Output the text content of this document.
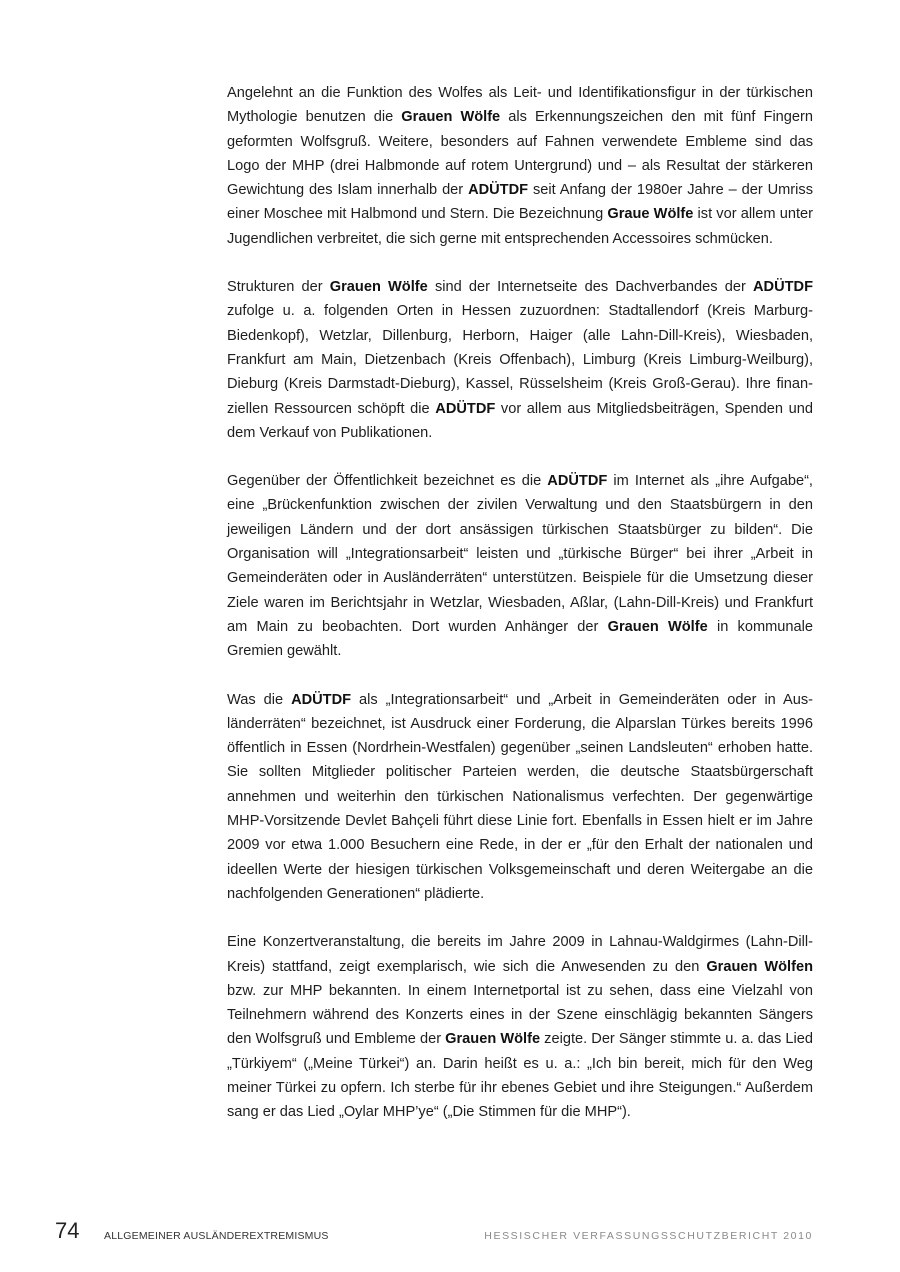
Angelehnt an die Funktion des Wolfes als Leit- und Identifikationsfigur in der türkischen Mythologie benutzen die Grauen Wölfe als Erkennungszeichen den mit fünf Fingern geformten Wolfsgruß. Weitere, besonders auf Fahnen verwendete Embleme sind das Logo der MHP (drei Halbmonde auf rotem Untergrund) und – als Resultat der stärkeren Gewichtung des Islam innerhalb der ADÜTDF seit Anfang der 1980er Jahre – der Umriss einer Moschee mit Halbmond und Stern. Die Bezeichnung Graue Wölfe ist vor allem unter Jugendlichen verbreitet, die sich gerne mit entsprechenden Accessoires schmücken.

Strukturen der Grauen Wölfe sind der Internetseite des Dachverbandes der ADÜTDF zufolge u. a. folgenden Orten in Hessen zuzuordnen: Stadtallendorf (Kreis Marburg-Biedenkopf), Wetzlar, Dillenburg, Herborn, Haiger (alle Lahn-Dill-Kreis), Wiesbaden, Frankfurt am Main, Dietzenbach (Kreis Offenbach), Limburg (Kreis Limburg-Weilburg), Dieburg (Kreis Darmstadt-Dieburg), Kassel, Rüsselsheim (Kreis Groß-Gerau). Ihre finanziellen Ressourcen schöpft die ADÜTDF vor allem aus Mitgliedsbeiträgen, Spenden und dem Verkauf von Publikationen.

Gegenüber der Öffentlichkeit bezeichnet es die ADÜTDF im Internet als „ihre Aufgabe“, eine „Brückenfunktion zwischen der zivilen Verwaltung und den Staatsbürgern in den jeweiligen Ländern und der dort ansässigen türkischen Staatsbürger zu bilden“. Die Organisation will „Integrationsarbeit“ leisten und „türkische Bürger“ bei ihrer „Arbeit in Gemeinderäten oder in Ausländerräten“ unterstützen. Beispiele für die Umsetzung dieser Ziele waren im Berichtsjahr in Wetzlar, Wiesbaden, Aßlar, (Lahn-Dill-Kreis) und Frankfurt am Main zu beobachten. Dort wurden Anhänger der Grauen Wölfe in kommunale Gremien gewählt.

Was die ADÜTDF als „Integrationsarbeit“ und „Arbeit in Gemeinderäten oder in Ausländerräten“ bezeichnet, ist Ausdruck einer Forderung, die Alparslan Türkes bereits 1996 öffentlich in Essen (Nordrhein-Westfalen) gegenüber „seinen Landsleuten“ erhoben hatte. Sie sollten Mitglieder politischer Parteien werden, die deutsche Staatsbürgerschaft annehmen und weiterhin den türkischen Nationalismus verfechten. Der gegenwärtige MHP-Vorsitzende Devlet Bahçeli führt diese Linie fort. Ebenfalls in Essen hielt er im Jahre 2009 vor etwa 1.000 Besuchern eine Rede, in der er „für den Erhalt der nationalen und ideellen Werte der hiesigen türkischen Volksgemeinschaft und deren Weitergabe an die nachfolgenden Generationen“ plädierte.

Eine Konzertveranstaltung, die bereits im Jahre 2009 in Lahnau-Waldgirmes (Lahn-Dill-Kreis) stattfand, zeigt exemplarisch, wie sich die Anwesenden zu den Grauen Wölfen bzw. zur MHP bekannten. In einem Internetportal ist zu sehen, dass eine Vielzahl von Teilnehmern während des Konzerts eines in der Szene einschlägig bekannten Sängers den Wolfsgruß und Embleme der Grauen Wölfe zeigte. Der Sänger stimmte u. a. das Lied „Türkiyem“ („Meine Türkei“) an. Darin heißt es u. a.: „Ich bin bereit, mich für den Weg meiner Türkei zu opfern. Ich sterbe für ihr ebenes Gebiet und ihre Steigungen.“ Außerdem sang er das Lied „Oylar MHP’ye“ („Die Stimmen für die MHP“).

74 ALLGEMEINER AUSLÄNDEREXTREMISMUS	HESSISCHER VERFASSUNGSSCHUTZBERICHT 2010
